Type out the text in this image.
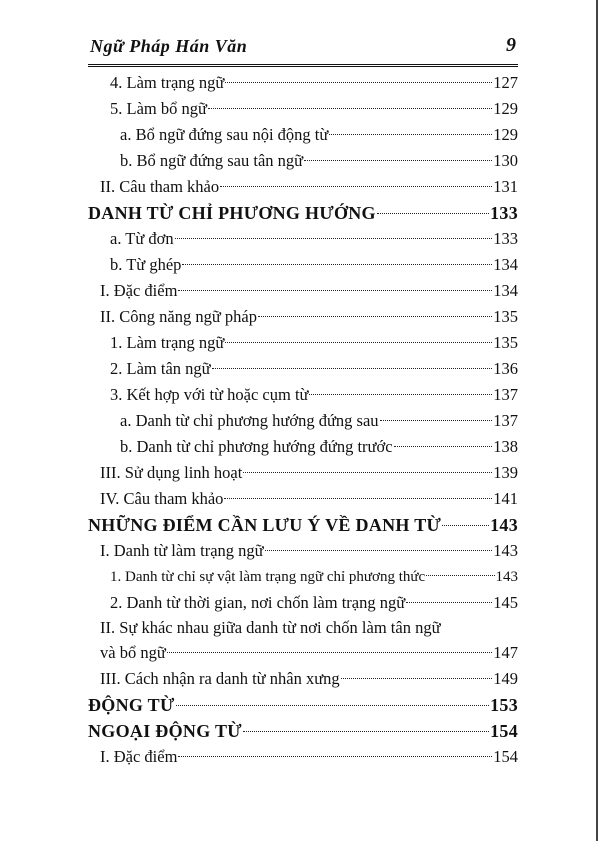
Ngữ Pháp Hán Văn	9
4. Làm trạng ngữ	127
5. Làm bổ ngữ	129
a. Bổ ngữ đứng sau nội động từ	129
b. Bổ ngữ đứng sau tân ngữ	130
II. Câu tham khảo	131
DANH TỪ CHỈ PHƯƠNG HƯỚNG	133
a. Từ đơn	133
b. Từ ghép	134
I. Đặc điểm	134
II. Công năng ngữ pháp	135
1. Làm trạng ngữ	135
2. Làm tân ngữ	136
3. Kết hợp với từ hoặc cụm từ	137
a. Danh từ chỉ phương hướng đứng sau	137
b. Danh từ chỉ phương hướng đứng trước	138
III. Sử dụng linh hoạt	139
IV. Câu tham khảo	141
NHỮNG ĐIỂM CẦN LƯU Ý VỀ DANH TỪ	143
I. Danh từ làm trạng ngữ	143
1. Danh từ chỉ sự vật làm trạng ngữ chỉ phương thức	143
2. Danh từ thời gian, nơi chốn làm trạng ngữ	145
II. Sự khác nhau giữa danh từ nơi chốn làm tân ngữ
và bổ ngữ	147
III. Cách nhận ra danh từ nhân xưng	149
ĐỘNG TỪ	153
NGOẠI ĐỘNG TỪ	154
I. Đặc điểm	154
